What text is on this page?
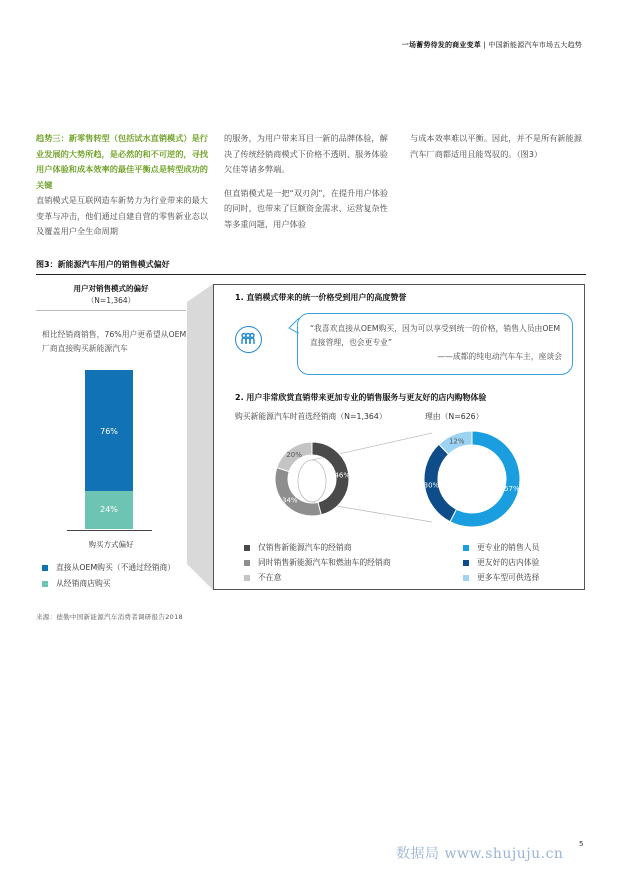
一场蓄势待发的商业变革 | 中国新能源汽车市场五大趋势

趋势三：新零售转型（包括试水直销模式）是行业发展的大势所趋，是必然的和不可逆的，寻找用户体验和成本效率的最佳平衡点是转型成功的关键
直销模式是互联网造车新势力为行业带来的最大变革与冲击，他们通过自建自营的零售新业态以及覆盖用户全生命周期

的服务，为用户带来耳目一新的品牌体验，解决了传统经销商模式下价格不透明、服务体验欠佳等诸多弊端。

但直销模式是一把“双刃剑”，在提升用户体验的同时，也带来了巨额资金需求、运营复杂性等多重问题，用户体验

与成本效率难以平衡。因此，并不是所有新能源汽车厂商都适用且能驾驭的。（图3）

图3：新能源汽车用户的销售模式偏好
用户对销售模式的偏好
（N=1,364）
相比经销商销售，76%用户更希望从OEM厂商直接购买新能源汽车
76%
24%
购买方式偏好
直接从OEM购买（不通过经销商）
从经销商店购买
1. 直销模式带来的统一价格受到用户的高度赞誉
“我喜欢直接从OEM购买，因为可以享受到统一的价格，销售人员由OEM直接管理，也会更专业”
——成都的纯电动汽车车主，座谈会
2. 用户非常欣赏直销带来更加专业的销售服务与更友好的店内购物体验
购买新能源汽车时首选经销商（N=1,364）	理由（N=626）
46%
34%
20%
57%
30%
12%
仅销售新能源汽车的经销商
同时销售新能源汽车和燃油车的经销商
不在意
更专业的销售人员
更友好的店内体验
更多车型可供选择
来源：德勤中国新能源汽车消费者调研报告2018
数据局 www.shujuju.cn
5
